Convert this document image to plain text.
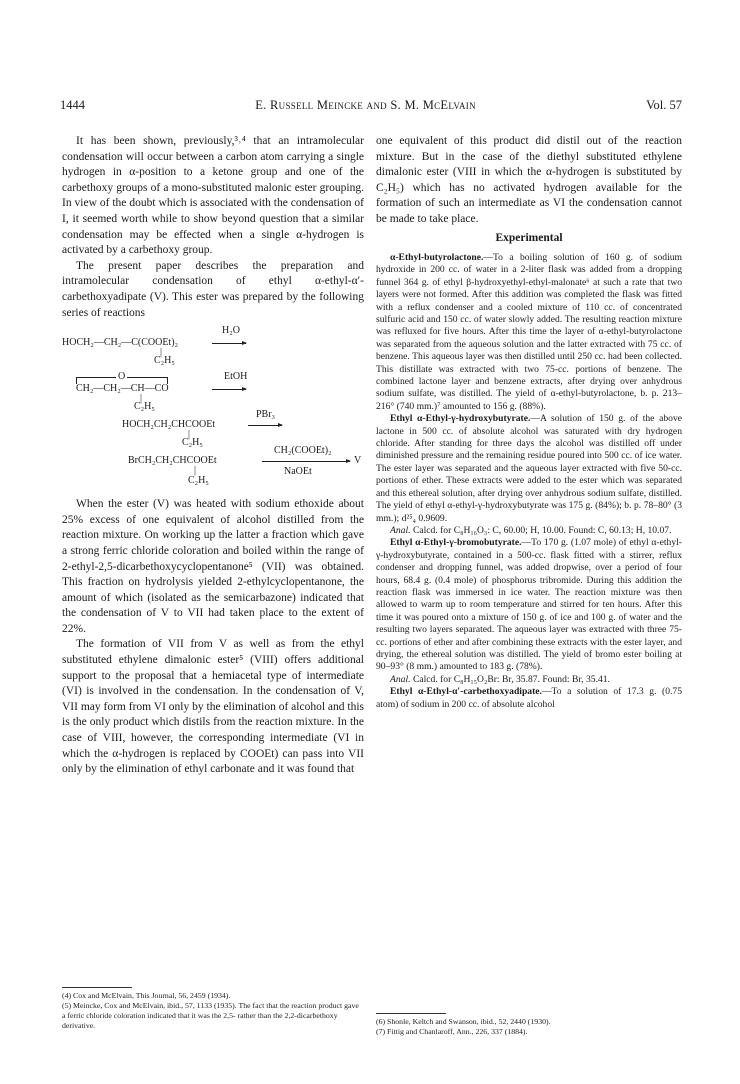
1444	E. Russell Meincke and S. M. McElvain	Vol. 57

It has been shown, previously,³˒⁴ that an intramolecular condensation will occur between a carbon atom carrying a single hydrogen in α-position to a ketone group and one of the carbethoxy groups of a mono-substituted malonic ester grouping. In view of the doubt which is associated with the condensation of I, it seemed worth while to show beyond question that a similar condensation may be effected when a single α-hydrogen is activated by a carbethoxy group.

The present paper describes the preparation and intramolecular condensation of ethyl α-ethyl-α′-carbethoxyadipate (V). This ester was prepared by the following series of reactions

H₂O
HOCH₂—CH₂—C(COOEt)₂
|
C₂H₅
O	EtOH
CH₂—CH₂—CH—CO
|
C₂H₅
PBr₃
HOCH₂CH₂CHCOOEt
|
C₂H₅
CH₂(COOEt)₂
BrCH₂CH₂CHCOOEt	V
|	NaOEt
C₂H₅

When the ester (V) was heated with sodium ethoxide about 25% excess of one equivalent of alcohol distilled from the reaction mixture. On working up the latter a fraction which gave a strong ferric chloride coloration and boiled within the range of 2-ethyl-2,5-dicarbethoxycyclopentanone⁵ (VII) was obtained. This fraction on hydrolysis yielded 2-ethylcyclopentanone, the amount of which (isolated as the semicarbazone) indicated that the condensation of V to VII had taken place to the extent of 22%.

The formation of VII from V as well as from the ethyl substituted ethylene dimalonic ester⁵ (VIII) offers additional support to the proposal that a hemiacetal type of intermediate (VI) is involved in the condensation. In the condensation of V, VII may form from VI only by the elimination of alcohol and this is the only product which distils from the reaction mixture. In the case of VIII, however, the corresponding intermediate (VI in which the α-hydrogen is replaced by COOEt) can pass into VII only by the elimination of ethyl carbonate and it was found that

(4) Cox and McElvain, This Journal, 56, 2459 (1934).
(5) Meincke, Cox and McElvain, ibid., 57, 1133 (1935). The fact that the reaction product gave a ferric chloride coloration indicated that it was the 2,5- rather than the 2,2-dicarbethoxy derivative.

one equivalent of this product did distil out of the reaction mixture. But in the case of the diethyl substituted ethylene dimalonic ester (VIII in which the α-hydrogen is substituted by C₂H₅) which has no activated hydrogen available for the formation of such an intermediate as VI the condensation cannot be made to take place.

Experimental

α-Ethyl-butyrolactone.—To a boiling solution of 160 g. of sodium hydroxide in 200 cc. of water in a 2-liter flask was added from a dropping funnel 364 g. of ethyl β-hydroxyethyl-ethyl-malonate⁶ at such a rate that two layers were not formed. After this addition was completed the flask was fitted with a reflux condenser and a cooled mixture of 110 cc. of concentrated sulfuric acid and 150 cc. of water slowly added. The resulting reaction mixture was refluxed for five hours. After this time the layer of α-ethyl-butyrolactone was separated from the aqueous solution and the latter extracted with 75 cc. of benzene. This aqueous layer was then distilled until 250 cc. had been collected. This distillate was extracted with two 75-cc. portions of benzene. The combined lactone layer and benzene extracts, after drying over anhydrous sodium sulfate, was distilled. The yield of α-ethyl-butyrolactone, b. p. 213–216° (740 mm.)⁷ amounted to 156 g. (88%).

Ethyl α-Ethyl-γ-hydroxybutyrate.—A solution of 150 g. of the above lactone in 500 cc. of absolute alcohol was saturated with dry hydrogen chloride. After standing for three days the alcohol was distilled off under diminished pressure and the remaining residue poured into 500 cc. of ice water. The ester layer was separated and the aqueous layer extracted with five 50-cc. portions of ether. These extracts were added to the ester which was separated and this ethereal solution, after drying over anhydrous sodium sulfate, distilled. The yield of ethyl α-ethyl-γ-hydroxybutyrate was 175 g. (84%); b. p. 78–80° (3 mm.); d²⁵₄ 0.9609.

Anal. Calcd. for C₈H₁₆O₃: C, 60.00; H, 10.00. Found: C, 60.13; H, 10.07.

Ethyl α-Ethyl-γ-bromobutyrate.—To 170 g. (1.07 mole) of ethyl α-ethyl-γ-hydroxybutyrate, contained in a 500-cc. flask fitted with a stirrer, reflux condenser and dropping funnel, was added dropwise, over a period of four hours, 68.4 g. (0.4 mole) of phosphorus tribromide. During this addition the reaction flask was immersed in ice water. The reaction mixture was then allowed to warm up to room temperature and stirred for ten hours. After this time it was poured onto a mixture of 150 g. of ice and 100 g. of water and the resulting two layers separated. The aqueous layer was extracted with three 75-cc. portions of ether and after combining these extracts with the ester layer, and drying, the ethereal solution was distilled. The yield of bromo ester boiling at 90–93° (8 mm.) amounted to 183 g. (78%).

Anal. Calcd. for C₈H₁₅O₂Br: Br, 35.87. Found: Br, 35.41.

Ethyl α-Ethyl-α′-carbethoxyadipate.—To a solution of 17.3 g. (0.75 atom) of sodium in 200 cc. of absolute alcohol

(6) Shonle, Keltch and Swanson, ibid., 52, 2440 (1930).
(7) Fittig and Chanlaroff, Ann., 226, 337 (1884).
